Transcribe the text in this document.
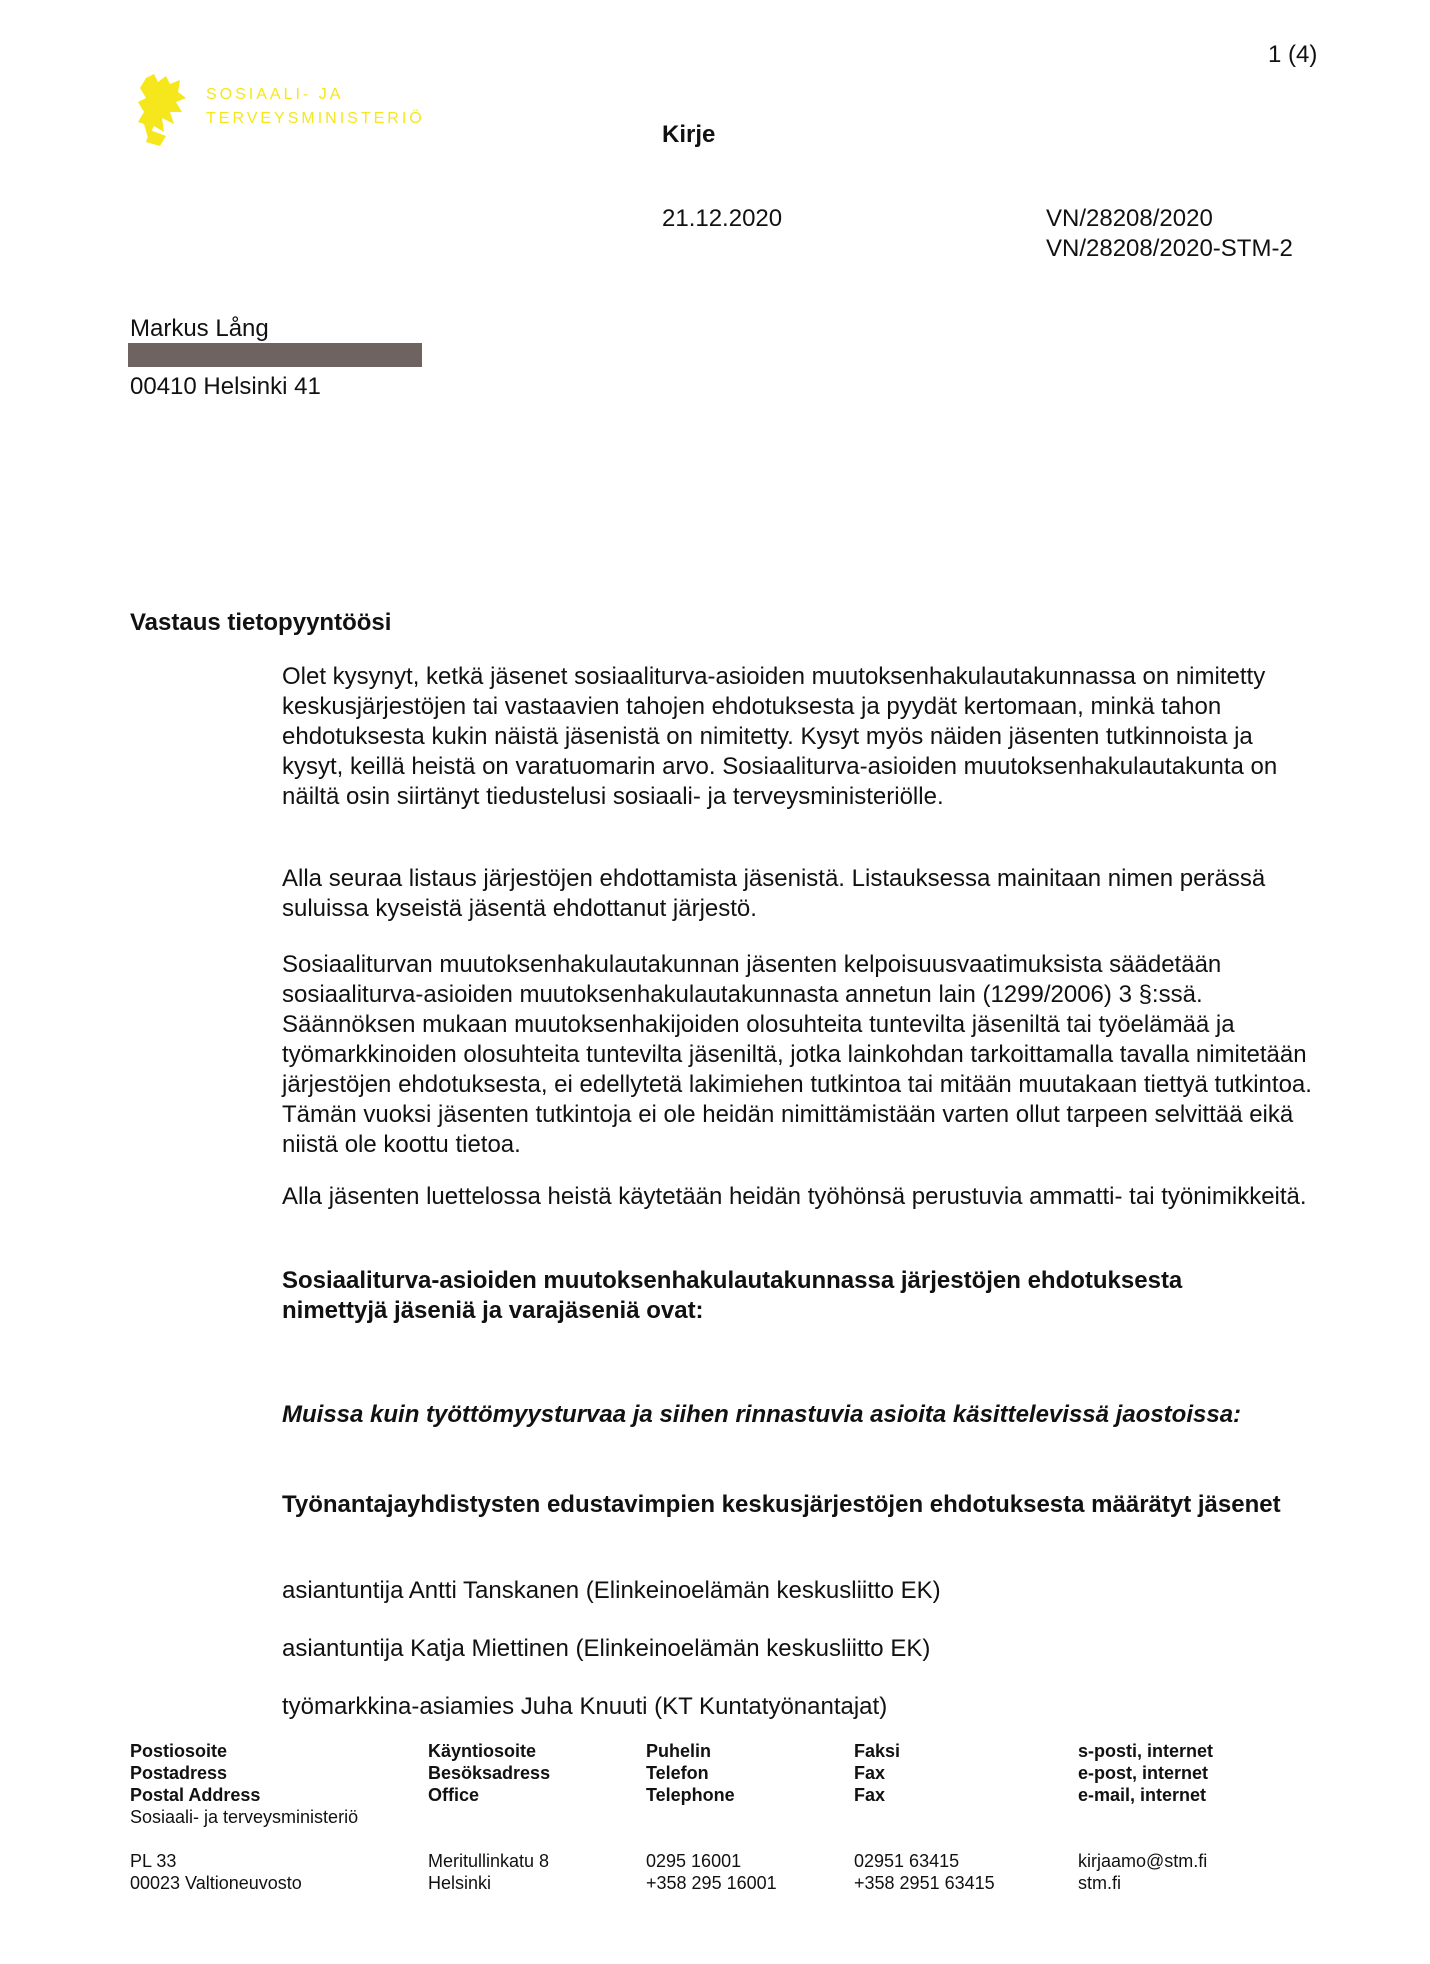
SOSIAALI- JA
TERVEYSMINISTERIÖ
1 (4)
Kirje
21.12.2020	VN/28208/2020
VN/28208/2020-STM-2
Markus Lång
00410 Helsinki 41
Vastaus tietopyyntöösi

Olet kysynyt, ketkä jäsenet sosiaaliturva-asioiden muutoksenhakulautakunnassa on nimitetty keskusjärjestöjen tai vastaavien tahojen ehdotuksesta ja pyydät kertomaan, minkä tahon ehdotuksesta kukin näistä jäsenistä on nimitetty. Kysyt myös näiden jäsenten tutkinnoista ja kysyt, keillä heistä on varatuomarin arvo. Sosiaaliturva-asioiden muutoksenhakulautakunta on näiltä osin siirtänyt tiedustelusi sosiaali- ja terveysministeriölle.

Alla seuraa listaus järjestöjen ehdottamista jäsenistä. Listauksessa mainitaan nimen perässä suluissa kyseistä jäsentä ehdottanut järjestö.

Sosiaaliturvan muutoksenhakulautakunnan jäsenten kelpoisuusvaatimuksista säädetään sosiaaliturva-asioiden muutoksenhakulautakunnasta annetun lain (1299/2006) 3 §:ssä. Säännöksen mukaan muutoksenhakijoiden olosuhteita tuntevilta jäseniltä tai työelämää ja työmarkkinoiden olosuhteita tuntevilta jäseniltä, jotka lainkohdan tarkoittamalla tavalla nimitetään järjestöjen ehdotuksesta, ei edellytetä lakimiehen tutkintoa tai mitään muutakaan tiettyä tutkintoa. Tämän vuoksi jäsenten tutkintoja ei ole heidän nimittämistään varten ollut tarpeen selvittää eikä niistä ole koottu tietoa.

Alla jäsenten luettelossa heistä käytetään heidän työhönsä perustuvia ammatti- tai työnimikkeitä.

Sosiaaliturva-asioiden muutoksenhakulautakunnassa järjestöjen ehdotuksesta nimettyjä jäseniä ja varajäseniä ovat:
Muissa kuin työttömyysturvaa ja siihen rinnastuvia asioita käsittelevissä jaostoissa:
Työnantajayhdistysten edustavimpien keskusjärjestöjen ehdotuksesta määrätyt jäsenet
asiantuntija Antti Tanskanen (Elinkeinoelämän keskusliitto EK)
asiantuntija Katja Miettinen (Elinkeinoelämän keskusliitto EK)
työmarkkina-asiamies Juha Knuuti (KT Kuntatyönantajat)
Postiosoite
Postadress
Postal Address
Sosiaali- ja terveysministeriö
PL 33
00023 Valtioneuvosto
Käyntiosoite
Besöksadress
Office
Meritullinkatu 8
Helsinki
Puhelin
Telefon
Telephone
0295 16001
+358 295 16001
Faksi
Fax
Fax
02951 63415
+358 2951 63415
s-posti, internet
e-post, internet
e-mail, internet
kirjaamo@stm.fi
stm.fi
